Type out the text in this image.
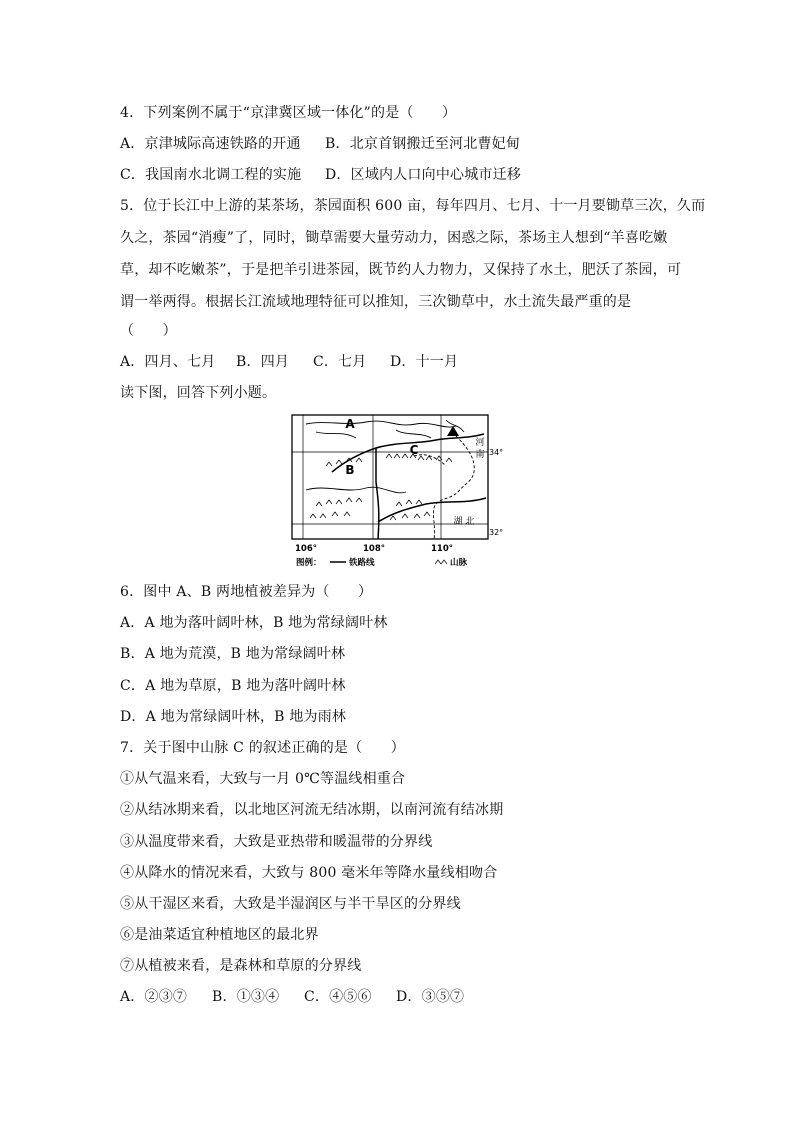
4．下列案例不属于“京津冀区域一体化”的是（　　）
A．京津城际高速铁路的开通 B．北京首钢搬迁至河北曹妃甸
C．我国南水北调工程的实施 D．区域内人口向中心城市迁移
5．位于长江中上游的某茶场，茶园面积 600 亩，每年四月、七月、十一月要锄草三次，久而
久之，茶园“消瘦”了，同时，锄草需要大量劳动力，困惑之际，茶场主人想到“羊喜吃嫩
草，却不吃嫩茶”，于是把羊引进茶园，既节约人力物力，又保持了水土，肥沃了茶园，可
谓一举两得。根据长江流域地理特征可以推知，三次锄草中，水土流失最严重的是
（　　）
A．四月、七月 B．四月 C．七月 D．十一月
读下图，回答下列小题。
A
B
C	河
南
湖 北
34°
32°
106°	108°	110°
图例：	铁路线	山脉
6．图中 A、B 两地植被差异为（　　）
A．A 地为落叶阔叶林，B 地为常绿阔叶林
B．A 地为荒漠，B 地为常绿阔叶林
C．A 地为草原，B 地为落叶阔叶林
D．A 地为常绿阔叶林，B 地为雨林
7．关于图中山脉 C 的叙述正确的是（　　）
①从气温来看，大致与一月 0℃等温线相重合
②从结冰期来看，以北地区河流无结冰期，以南河流有结冰期
③从温度带来看，大致是亚热带和暖温带的分界线
④从降水的情况来看，大致与 800 毫米年等降水量线相吻合
⑤从干湿区来看，大致是半湿润区与半干旱区的分界线
⑥是油菜适宜种植地区的最北界
⑦从植被来看，是森林和草原的分界线
A．②③⑦ B．①③④ C．④⑤⑥ D．③⑤⑦
